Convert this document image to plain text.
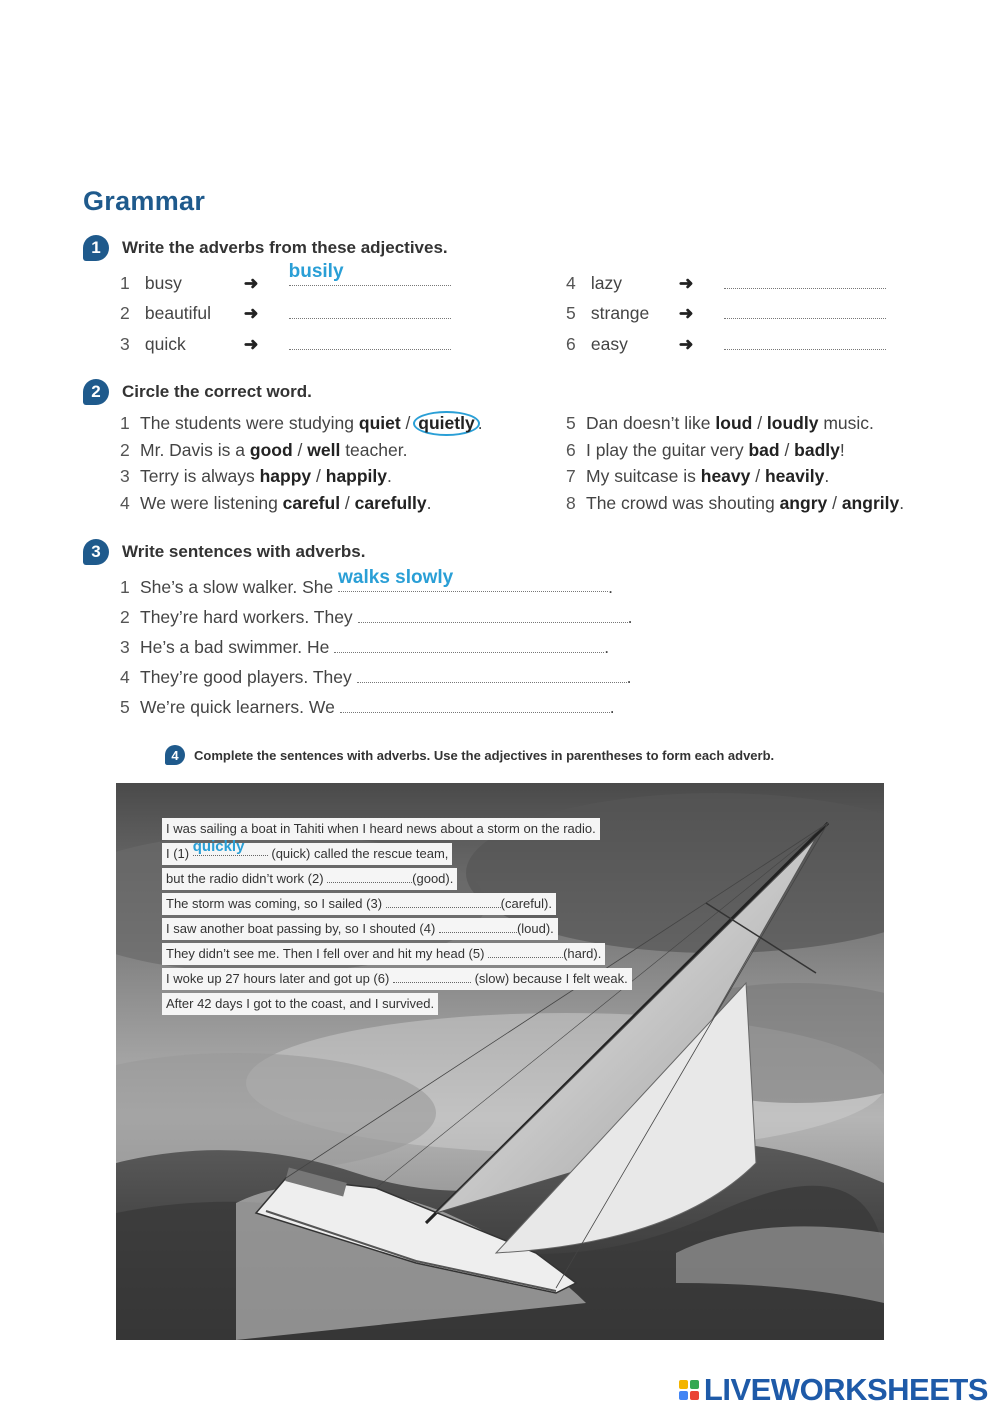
Grammar
1	Write the adverbs from these adjectives.
1 busy	➜ busily
2 beautiful ➜
3 quick	➜
4 lazy	➜
5 strange ➜
6 easy	➜
2	Circle the correct word.
1 The students were studying quiet / quietly .
2 Mr. Davis is a good / well teacher.
3 Terry is always happy / happily.
4 We were listening careful / carefully.
5 Dan doesn’t like loud / loudly music.
6 I play the guitar very bad / badly!
7 My suitcase is heavy / heavily.
8 The crowd was shouting angry / angrily.
3	Write sentences with adverbs.
1 She’s a slow walker. She walks slowly	.
2 They’re hard workers. They	.
3 He’s a bad swimmer. He	.
4 They’re good players. They	.
5 We’re quick learners. We	.
4	Complete the sentences with adverbs. Use the adjectives in parentheses to form each adverb.
I was sailing a boat in Tahiti when I heard news about a storm on the radio.
I (1) quickly (quick) called the rescue team,
but the radio didn’t work (2)	(good).
The storm was coming, so I sailed (3)	(careful).
I saw another boat passing by, so I shouted (4)	(loud).
They didn’t see me. Then I fell over and hit my head (5)	(hard).
I woke up 27 hours later and got up (6)	(slow) because I felt weak.
After 42 days I got to the coast, and I survived.
LIVEWORKSHEETS
